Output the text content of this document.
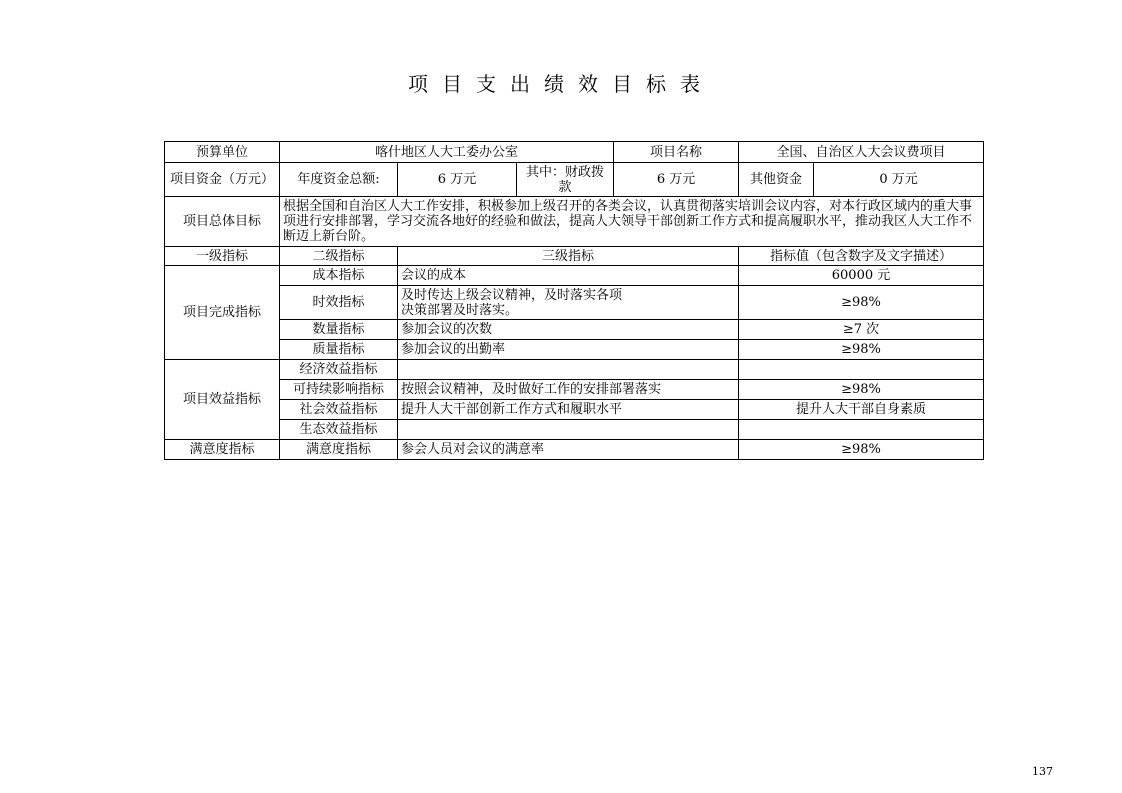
项目支出绩效目标表
预算单位	喀什地区人大工委办公室			项目名称	全国、自治区人大会议费项目	
项目资金（万元）	年度资金总额:	6 万元	其中：财政拨款	6 万元	其他资金	0 万元
项目总体目标	根据全国和自治区人大工作安排，积极参加上级召开的各类会议，认真贯彻落实培训会议内容，对本行政区域内的重大事项进行安排部署，学习交流各地好的经验和做法，提高人大领导干部创新工作方式和提高履职水平，推动我区人大工作不断迈上新台阶。					
一级指标	二级指标	三级指标			指标值（包含数字及文字描述）	
项目完成指标	成本指标	会议的成本			60000 元	
	时效指标	及时传达上级会议精神，及时落实各项决策部署及时落实。			≥98%	
	数量指标	参加会议的次数			≥7 次	
	质量指标	参加会议的出勤率			≥98%	
项目效益指标	经济效益指标					
	可持续影响指标	按照会议精神，及时做好工作的安排部署落实			≥98%	
	社会效益指标	提升人大干部创新工作方式和履职水平			提升人大干部自身素质	
	生态效益指标					
满意度指标	满意度指标	参会人员对会议的满意率			≥98%	
137
